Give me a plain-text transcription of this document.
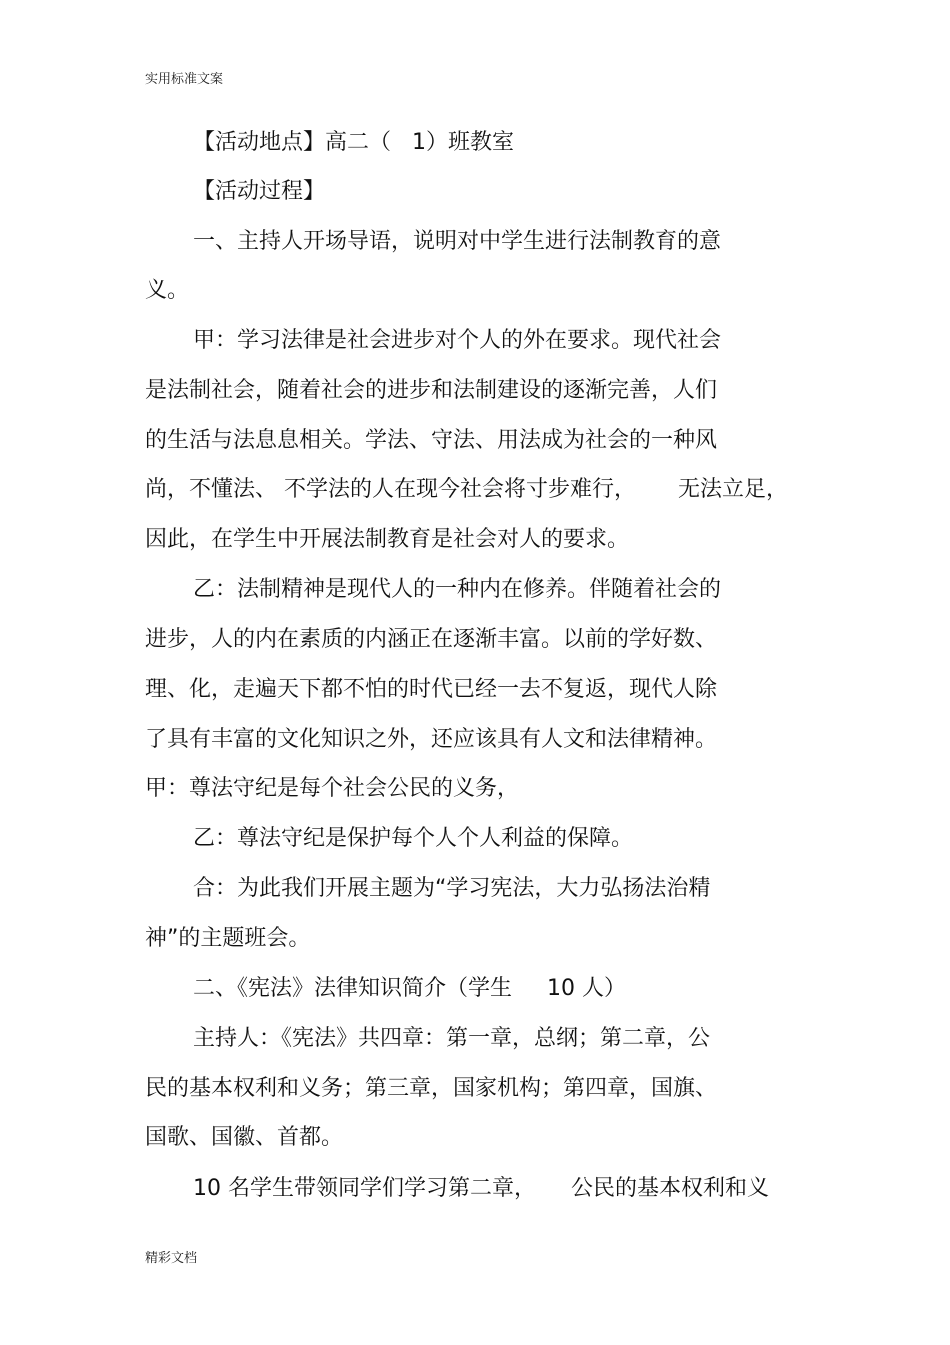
实用标准文案
【活动地点】高二（   1）班教室
【活动过程】
一、主持人开场导语，说明对中学生进行法制教育的意
义。
甲：学习法律是社会进步对个人的外在要求。现代社会
是法制社会，随着社会的进步和法制建设的逐渐完善，人们
的生活与法息息相关。学法、守法、用法成为社会的一种风
尚，不懂法、 不学法的人在现今社会将寸步难行，      无法立足，
因此，在学生中开展法制教育是社会对人的要求。
乙：法制精神是现代人的一种内在修养。伴随着社会的
进步，人的内在素质的内涵正在逐渐丰富。以前的学好数、
理、化，走遍天下都不怕的时代已经一去不复返，现代人除
了具有丰富的文化知识之外，还应该具有人文和法律精神。
甲：尊法守纪是每个社会公民的义务，
乙：尊法守纪是保护每个人个人利益的保障。
合：为此我们开展主题为“学习宪法，大力弘扬法治精
神”的主题班会。
二、《宪法》法律知识简介（学生     10 人）
主持人：《宪法》共四章：第一章，总纲；第二章，公
民的基本权利和义务；第三章，国家机构；第四章，国旗、
国歌、国徽、首都。
10 名学生带领同学们学习第二章，     公民的基本权利和义
精彩文档
